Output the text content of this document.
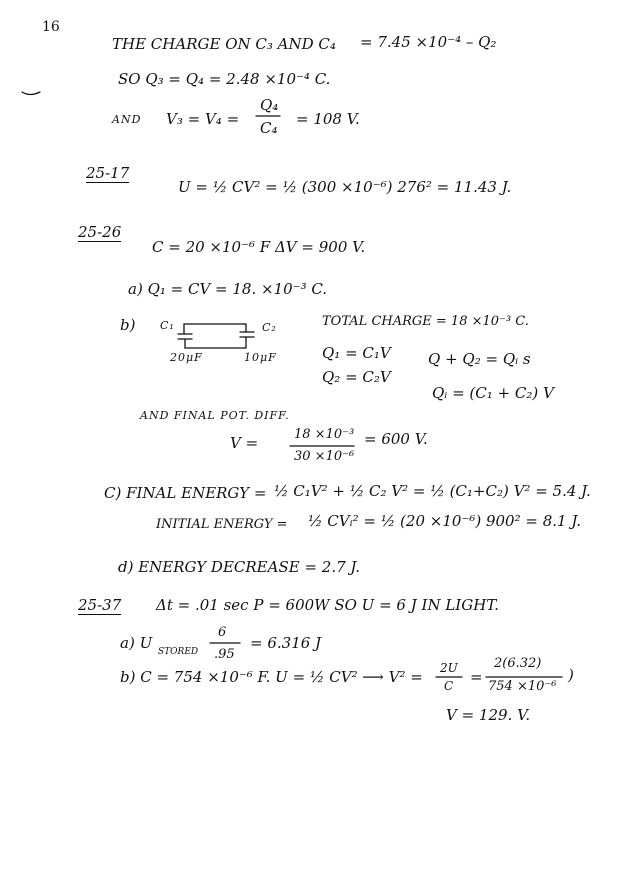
16
THE CHARGE ON C₃ AND C₄ = 7.45 ×10⁻⁴ – Q₂
SO Q₃ = Q₄ = 2.48 ×10⁻⁴ C.
AND V₃ = V₄ =
Q₄
C₄ = 108 V.
25-17
U = ½ CV² = ½ (300 ×10⁻⁶) 276² = 11.43 J.
25-26
C = 20 ×10⁻⁶ F ΔV = 900 V.
a) Q₁ = CV = 18. ×10⁻³ C.
b) C₁	C₂
20μF	10μF
TOTAL CHARGE = 18 ×10⁻³ C.
Q₁ = C₁V
Q₂ = C₂V
Q + Q₂ = Qᵢ s
Qᵢ = (C₁ + C₂) V
AND FINAL POT. DIFF.
V =	18 ×10⁻³
30 ×10⁻⁶
= 600 V.
C) FINAL ENERGY = ½ C₁V² + ½ C₂ V² = ½ (C₁+C₂) V² = 5.4 J.
INITIAL ENERGY = ½ CVᵢ² = ½ (20 ×10⁻⁶) 900² = 8.1 J.
d) ENERGY DECREASE = 2.7 J.
25-37 Δt = .01 sec P = 600W SO U = 6 J IN LIGHT.
a) U STORED
6
.95
= 6.316 J
b) C = 754 ×10⁻⁶ F. U = ½ CV² ⟶ V² = 2U
C =
2(6.32)
754 ×10⁻⁶
)
V = 129. V.
